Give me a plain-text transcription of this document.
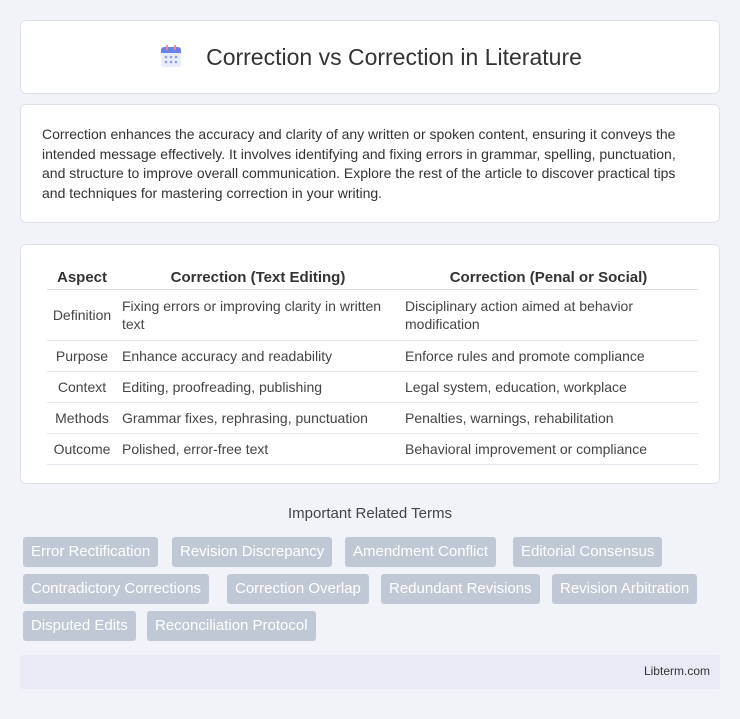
Correction vs Correction in Literature

Correction enhances the accuracy and clarity of any written or spoken content, ensuring it conveys the intended message effectively. It involves identifying and fixing errors in grammar, spelling, punctuation, and structure to improve overall communication. Explore the rest of the article to discover practical tips and techniques for mastering correction in your writing.

Aspect	Correction (Text Editing)	Correction (Penal or Social)
Definition	Fixing errors or improving clarity in written text	Disciplinary action aimed at behavior modification
Purpose	Enhance accuracy and readability	Enforce rules and promote compliance
Context	Editing, proofreading, publishing	Legal system, education, workplace
Methods	Grammar fixes, rephrasing, punctuation	Penalties, warnings, rehabilitation
Outcome	Polished, error-free text	Behavioral improvement or compliance
Important Related Terms
Error Rectification	Revision Discrepancy	Amendment Conflict	Editorial Consensus
Contradictory Corrections	Correction Overlap	Redundant Revisions	Revision Arbitration
Disputed Edits	Reconciliation Protocol
Libterm.com
